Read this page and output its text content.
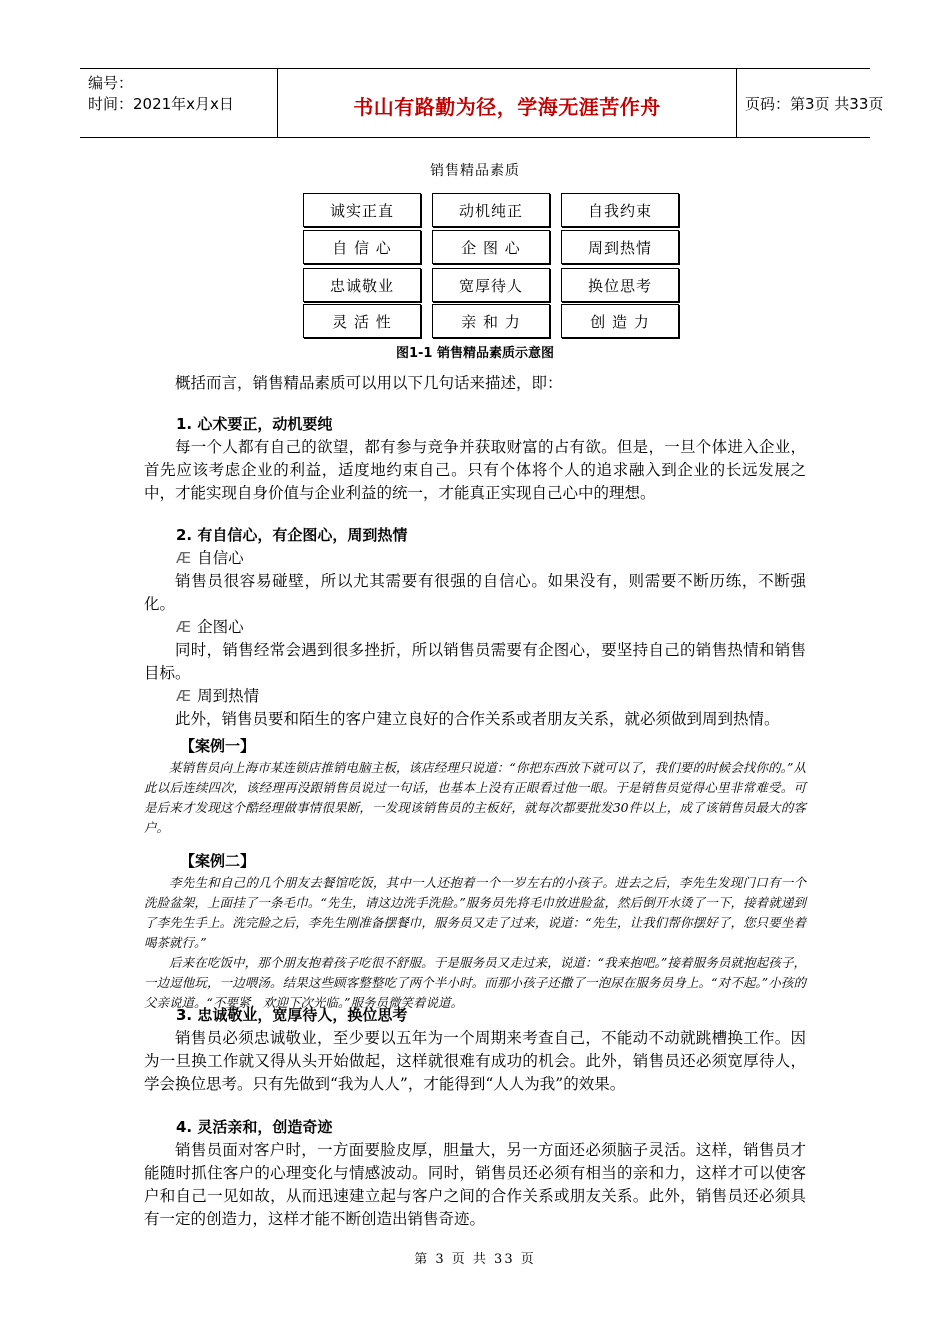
编号：
时间：2021年x月x日	书山有路勤为径，学海无涯苦作舟	页码：第3页 共33页
销售精品素质
诚实正直	动机纯正	自我约束
自 信 心	企 图 心	周到热情
忠诚敬业	宽厚待人	换位思考
灵 活 性	亲 和 力	创 造 力
图1-1 销售精品素质示意图

概括而言，销售精品素质可以用以下几句话来描述，即：

1. 心术要正，动机要纯

每一个人都有自己的欲望，都有参与竞争并获取财富的占有欲。但是，一旦个体进入企业，首先应该考虑企业的利益，适度地约束自己。只有个体将个人的追求融入到企业的长远发展之中，才能实现自身价值与企业利益的统一，才能真正实现自己心中的理想。

2. 有自信心，有企图心，周到热情

Æ 自信心

销售员很容易碰壁，所以尤其需要有很强的自信心。如果没有，则需要不断历练，不断强化。

Æ 企图心

同时，销售经常会遇到很多挫折，所以销售员需要有企图心，要坚持自己的销售热情和销售目标。

Æ 周到热情

此外，销售员要和陌生的客户建立良好的合作关系或者朋友关系，就必须做到周到热情。

【案例一】

某销售员向上海市某连锁店推销电脑主板，该店经理只说道：“你把东西放下就可以了，我们要的时候会找你的。”从此以后连续四次，该经理再没跟销售员说过一句话，也基本上没有正眼看过他一眼。于是销售员觉得心里非常难受。可是后来才发现这个酷经理做事情很果断，一发现该销售员的主板好，就每次都要批发30件以上，成了该销售员最大的客户。

【案例二】

李先生和自己的几个朋友去餐馆吃饭，其中一人还抱着一个一岁左右的小孩子。进去之后，李先生发现门口有一个洗脸盆架，上面挂了一条毛巾。“先生，请这边洗手洗脸。”服务员先将毛巾放进脸盆，然后倒开水烫了一下，接着就递到了李先生手上。洗完脸之后，李先生刚准备摆餐巾，服务员又走了过来，说道：“先生，让我们帮你摆好了，您只要坐着喝茶就行。”

后来在吃饭中，那个朋友抱着孩子吃很不舒服。于是服务员又走过来，说道：“我来抱吧。”接着服务员就抱起孩子，一边逗他玩，一边喂汤。结果这些顾客整整吃了两个半小时。而那小孩子还撒了一泡尿在服务员身上。“对不起。”小孩的父亲说道。“不要紧，欢迎下次光临。”服务员微笑着说道。

3. 忠诚敬业，宽厚待人，换位思考

销售员必须忠诚敬业，至少要以五年为一个周期来考查自己，不能动不动就跳槽换工作。因为一旦换工作就又得从头开始做起，这样就很难有成功的机会。此外，销售员还必须宽厚待人，学会换位思考。只有先做到“我为人人”，才能得到“人人为我”的效果。

4. 灵活亲和，创造奇迹

销售员面对客户时，一方面要脸皮厚，胆量大，另一方面还必须脑子灵活。这样，销售员才能随时抓住客户的心理变化与情感波动。同时，销售员还必须有相当的亲和力，这样才可以使客户和自己一见如故，从而迅速建立起与客户之间的合作关系或朋友关系。此外，销售员还必须具有一定的创造力，这样才能不断创造出销售奇迹。

第 3 页 共 33 页
